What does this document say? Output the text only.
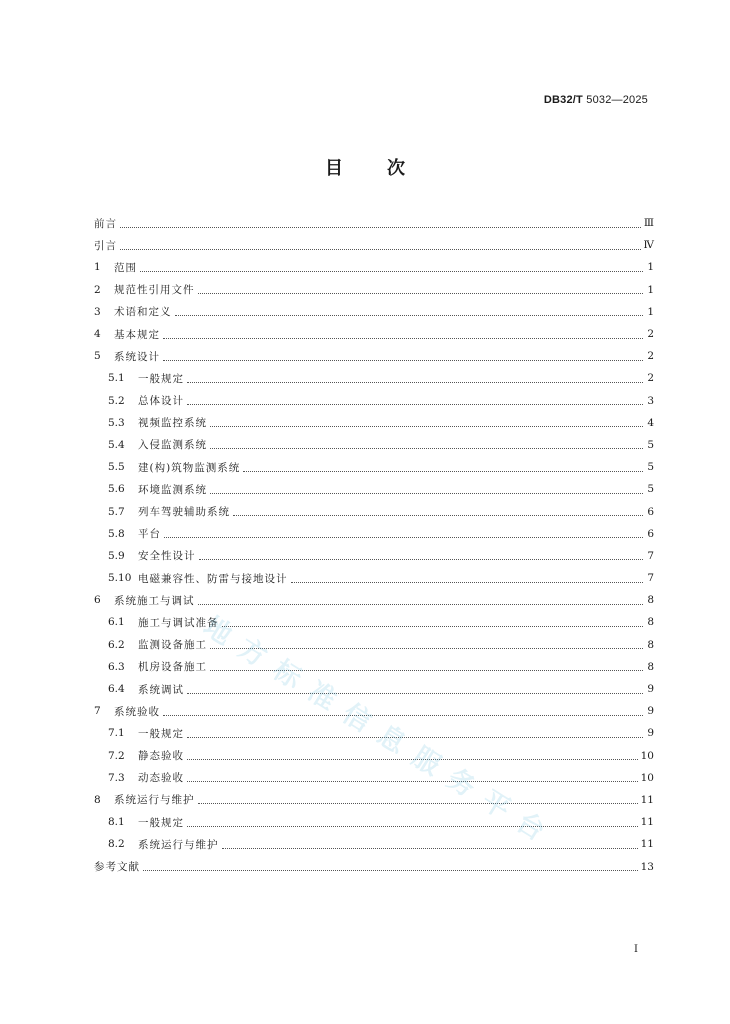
DB32/T 5032—2025
目 次
前言	Ⅲ
引言	Ⅳ
1	范围	1
2	规范性引用文件	1
3	术语和定义	1
4	基本规定	2
5	系统设计	2
5.1	一般规定	2
5.2	总体设计	3
5.3	视频监控系统	4
5.4	入侵监测系统	5
5.5	建(构)筑物监测系统	5
5.6	环境监测系统	5
5.7	列车驾驶辅助系统	6
5.8	平台	6
5.9	安全性设计	7
5.10 电磁兼容性、防雷与接地设计	7
6	系统施工与调试	8
6.1	施工与调试准备	8
6.2	监测设备施工	8
6.3	机房设备施工	8
6.4	系统调试	9
7	系统验收	9
7.1	一般规定	9
7.2	静态验收	10
7.3	动态验收	10
8	系统运行与维护	11
8.1	一般规定	11
8.2	系统运行与维护	11
参考文献	13
I
地方标准信息服务平台
